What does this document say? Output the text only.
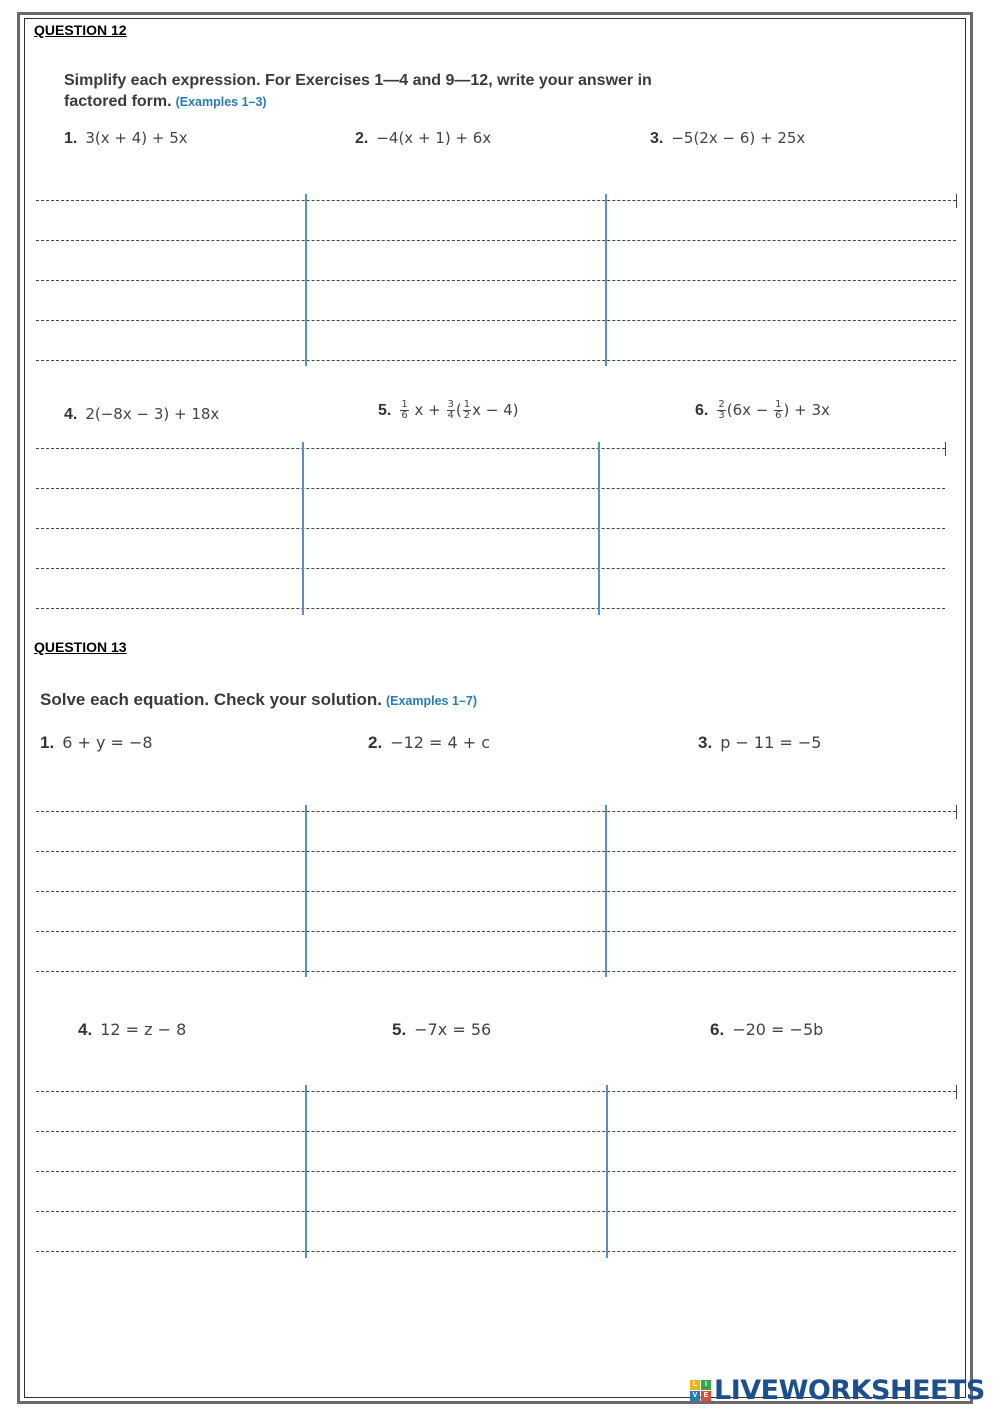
QUESTION 12
Simplify each expression. For Exercises 1—4 and 9—12, write your answer in
factored form. (Examples 1–3)
1. 3(x + 4) + 5x	2. −4(x + 1) + 6x	3. −5(2x − 6) + 25x
4. 2(−8x − 3) + 18x	5. $\frac{1}{6}$ $x + \frac{3}{4}$ ( $\frac{1}{2}$ x − 4)	6. $\frac{2}{3} (6x - \frac{1}{6}$ ) + 3x
QUESTION 13
Solve each equation. Check your solution. (Examples 1–7)
1. 6 + y = −8	2. −12 = 4 + c	3. p − 11 = −5
4. 12 = z − 8	5. −7x = 56	6. −20 = −5b
L	I
V E LIVEWORKSHEETS
